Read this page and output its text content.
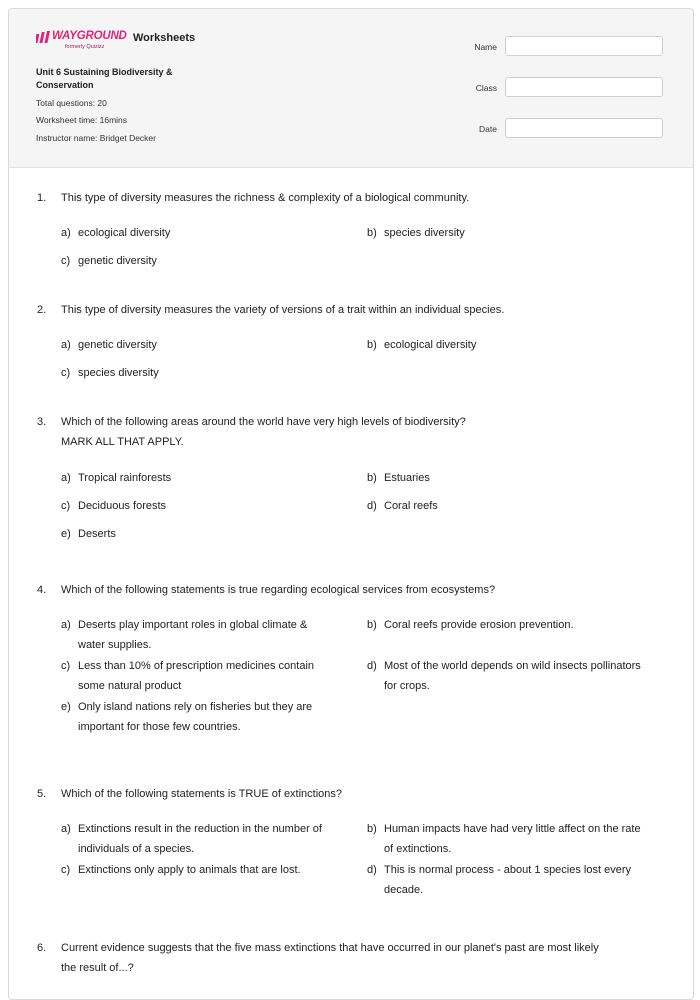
WAYGROUND
formerly Quizizz
Worksheets
Unit 6 Sustaining Biodiversity & Conservation
Total questions: 20
Worksheet time: 16mins
Instructor name: Bridget Decker
Name
Class
Date
1. This type of diversity measures the richness & complexity of a biological community.
a) ecological diversity	b) species diversity
c) genetic diversity
2. This type of diversity measures the variety of versions of a trait within an individual species.
a) genetic diversity	b) ecological diversity
c) species diversity
3. Which of the following areas around the world have very high levels of biodiversity?
MARK ALL THAT APPLY.
a) Tropical rainforests	b) Estuaries
c) Deciduous forests	d) Coral reefs
e) Deserts
4. Which of the following statements is true regarding ecological services from ecosystems?
a) Deserts play important roles in global climate &
water supplies.
b) Coral reefs provide erosion prevention.
c) Less than 10% of prescription medicines contain
some natural product
d) Most of the world depends on wild insects pollinators
for crops.
e) Only island nations rely on fisheries but they are
important for those few countries.
5. Which of the following statements is TRUE of extinctions?
a) Extinctions result in the reduction in the number of
individuals of a species.
b) Human impacts have had very little affect on the rate
of extinctions.
c) Extinctions only apply to animals that are lost.	d) This is normal process - about 1 species lost every
decade.
6. Current evidence suggests that the five mass extinctions that have occurred in our planet's past are most likely
the result of...?
